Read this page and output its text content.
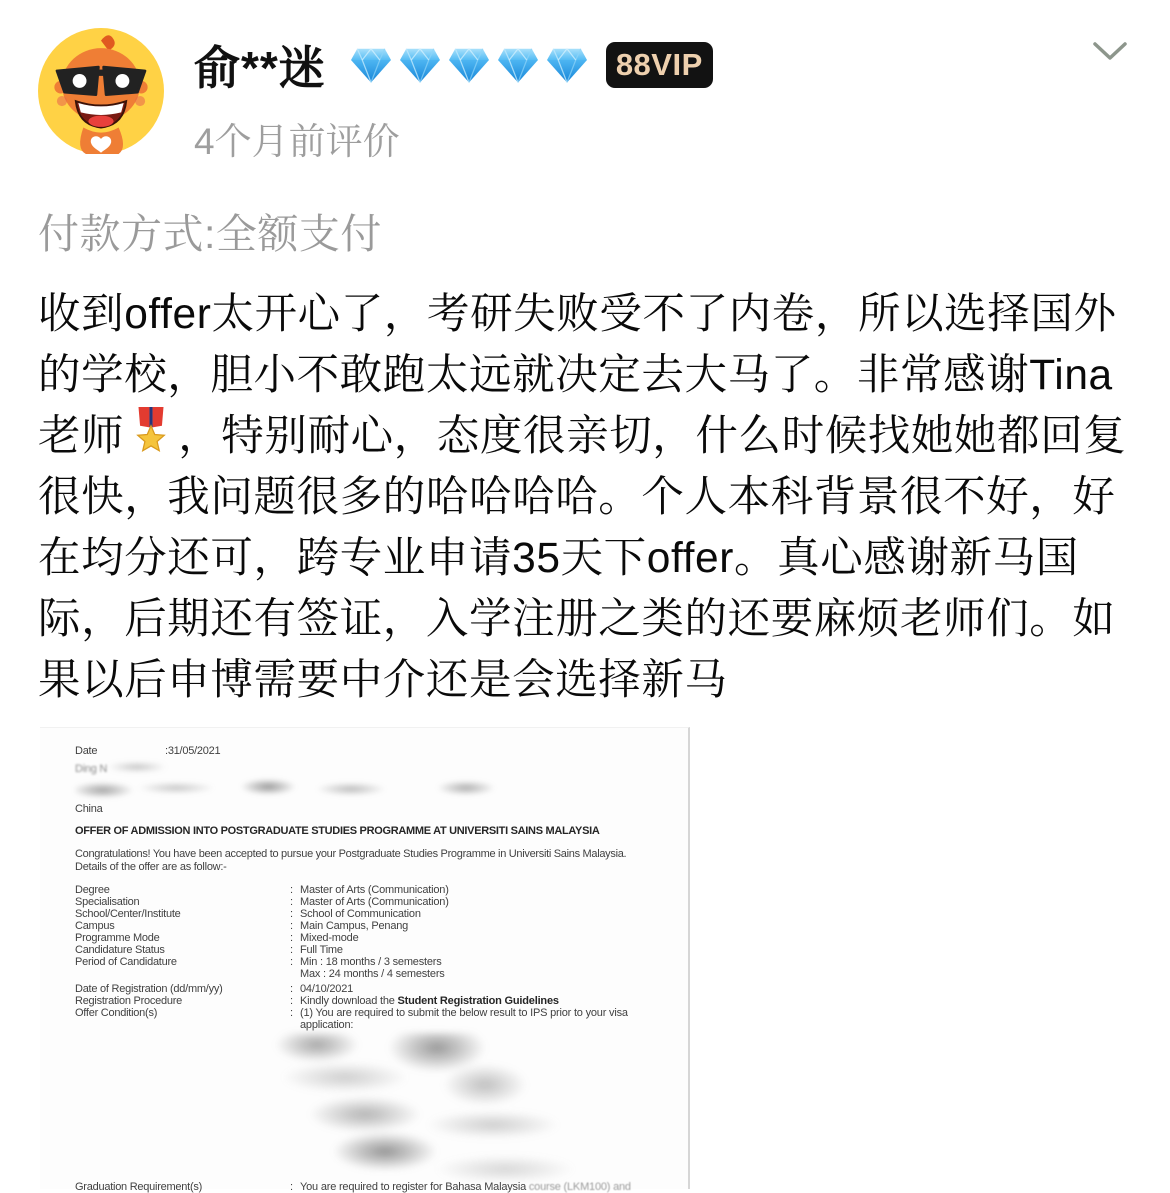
俞**迷	88VIP
4个月前评价
付款方式:全额支付

收到offer太开心了，考研失败受不了内卷，所以选择国外的学校，胆小不敢跑太远就决定去大马了。非常感谢Tina老师 ，特别耐心，态度很亲切，什么时候找她她都回复很快，我问题很多的哈哈哈哈。个人本科背景很不好，好在均分还可，跨专业申请35天下offer。真心感谢新马国际，后期还有签证，入学注册之类的还要麻烦老师们。如果以后申博需要中介还是会选择新马

Date	: 31/05/2021
Ding N
China
OFFER OF ADMISSION INTO POSTGRADUATE STUDIES PROGRAMME AT UNIVERSITI SAINS MALAYSIA
Congratulations! You have been accepted to pursue your Postgraduate Studies Programme in Universiti Sains Malaysia.
Details of the offer are as follow:-
Degree	: Master of Arts (Communication)
Specialisation	: Master of Arts (Communication)
School/Center/Institute	: School of Communication
Campus	: Main Campus, Penang
Programme Mode	: Mixed-mode
Candidature Status	: Full Time
Period of Candidature	: Min : 18 months / 3 semesters
Max : 24 months / 4 semesters
Date of Registration (dd/mm/yy)	: 04/10/2021
Registration Procedure	: Kindly download the Student Registration Guidelines
Offer Condition(s)	: (1) You are required to submit the below result to IPS prior to your visa application:
Graduation Requirement(s)	: You are required to register for Bahasa Malaysia course (LKM100) and
